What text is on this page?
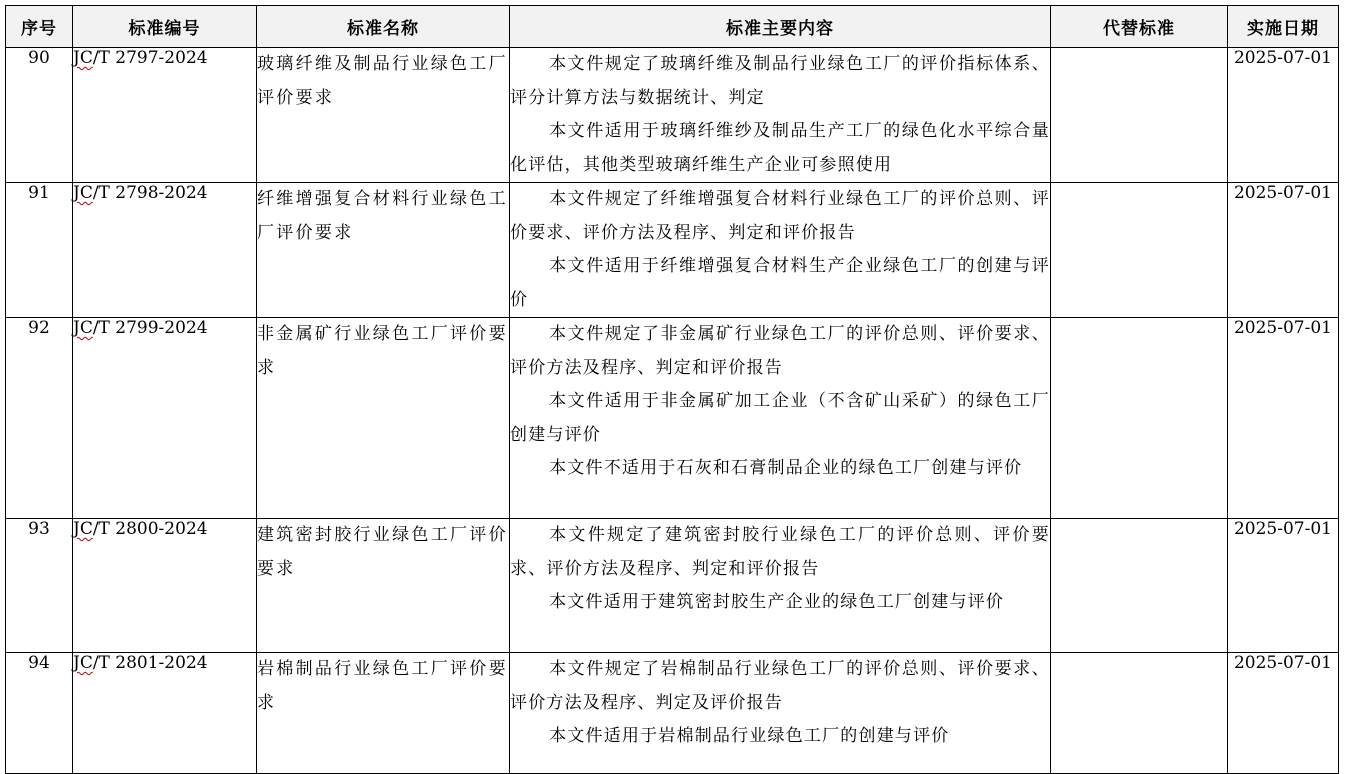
序号	标准编号	标准名称	标准主要内容	代替标准	实施日期
90	JC/T 2797-2024	玻璃纤维及制品行业绿色工厂评价要求	本文件规定了玻璃纤维及制品行业绿色工厂的评价指标体系、评分计算方法与数据统计、判定

本文件适用于玻璃纤维纱及制品生产工厂的绿色化水平综合量化评估，其他类型玻璃纤维生产企业可参照使用		2025-07-01
91	JC/T 2798-2024	纤维增强复合材料行业绿色工厂评价要求	本文件规定了纤维增强复合材料行业绿色工厂的评价总则、评价要求、评价方法及程序、判定和评价报告

本文件适用于纤维增强复合材料生产企业绿色工厂的创建与评价		2025-07-01
92	JC/T 2799-2024	非金属矿行业绿色工厂评价要求	本文件规定了非金属矿行业绿色工厂的评价总则、评价要求、评价方法及程序、判定和评价报告

本文件适用于非金属矿加工企业（不含矿山采矿）的绿色工厂创建与评价

本文件不适用于石灰和石膏制品企业的绿色工厂创建与评价		2025-07-01
93	JC/T 2800-2024	建筑密封胶行业绿色工厂评价要求	本文件规定了建筑密封胶行业绿色工厂的评价总则、评价要求、评价方法及程序、判定和评价报告

本文件适用于建筑密封胶生产企业的绿色工厂创建与评价		2025-07-01
94	JC/T 2801-2024	岩棉制品行业绿色工厂评价要求	本文件规定了岩棉制品行业绿色工厂的评价总则、评价要求、评价方法及程序、判定及评价报告

本文件适用于岩棉制品行业绿色工厂的创建与评价		2025-07-01
